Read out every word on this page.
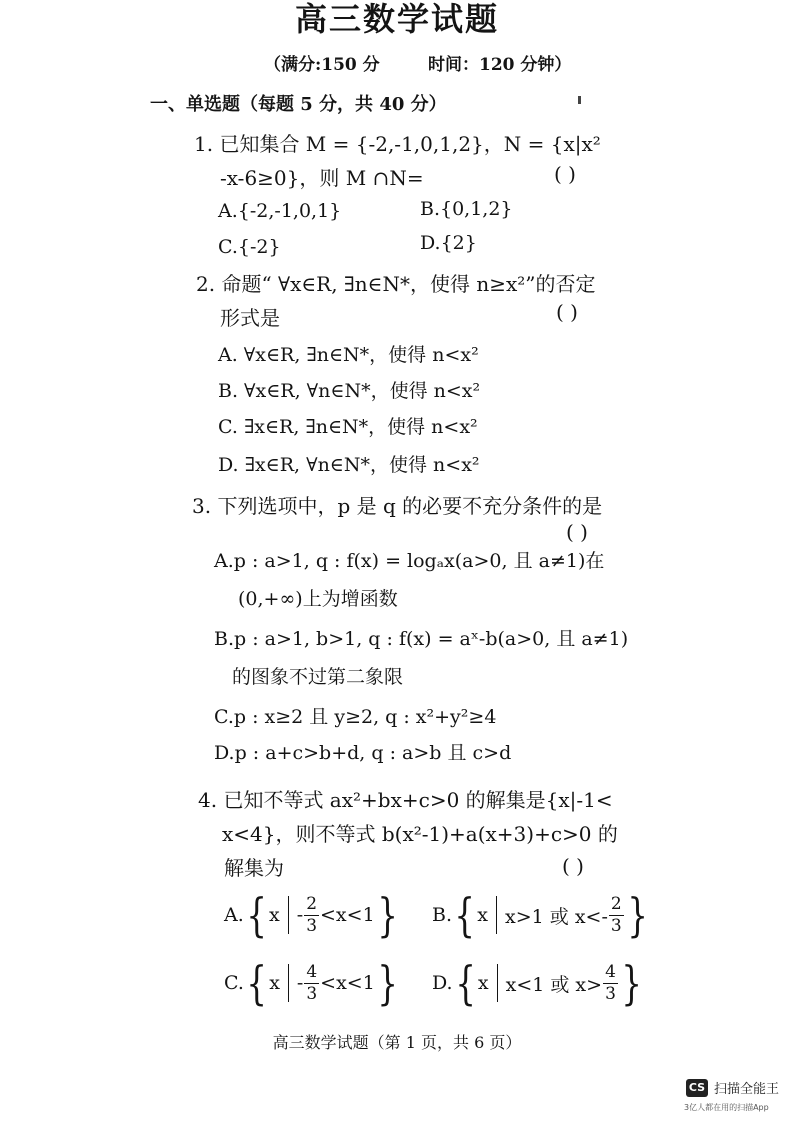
高三数学试题
（满分:150 分	时间：120 分钟）
一、单选题（每题 5 分，共 40 分）
1. 已知集合 M = {-2,-1,0,1,2}，N = {x|x²
-x-6≥0}，则 M ∩N=	( )
A.{-2,-1,0,1}	B.{0,1,2}
C.{-2}	D.{2}
2. 命题“ ∀x∈R, ∃n∈N*，使得 n≥x²”的否定
形式是	( )
A. ∀x∈R, ∃n∈N*，使得 n<x²
B. ∀x∈R, ∀n∈N*，使得 n<x²
C. ∃x∈R, ∃n∈N*，使得 n<x²
D. ∃x∈R, ∀n∈N*，使得 n<x²
3. 下列选项中，p 是 q 的必要不充分条件的是
( )
A.p : a>1, q : f(x) = logₐx(a>0, 且 a≠1)在
(0,+∞)上为增函数
B.p : a>1, b>1, q : f(x) = aˣ-b(a>0, 且 a≠1)
的图象不过第二象限
C.p : x≥2 且 y≥2, q : x²+y²≥4
D.p : a+c>b+d, q : a>b 且 c>d
4. 已知不等式 ax²+bx+c>0 的解集是{x|-1<
x<4}，则不等式 b(x²-1)+a(x+3)+c>0 的
解集为	( )
A. { $x - \frac{2}{3} <x<1$ } B. { x x>1 或 $x<- \frac{2}{3}$ }
C. { $x - \frac{4}{3} <x<1$ } D. { x x<1 或 $x> \frac{4}{3}$ }
高三数学试题（第 1 页，共 6 页）
CS 扫描全能王
3亿人都在用的扫描App
